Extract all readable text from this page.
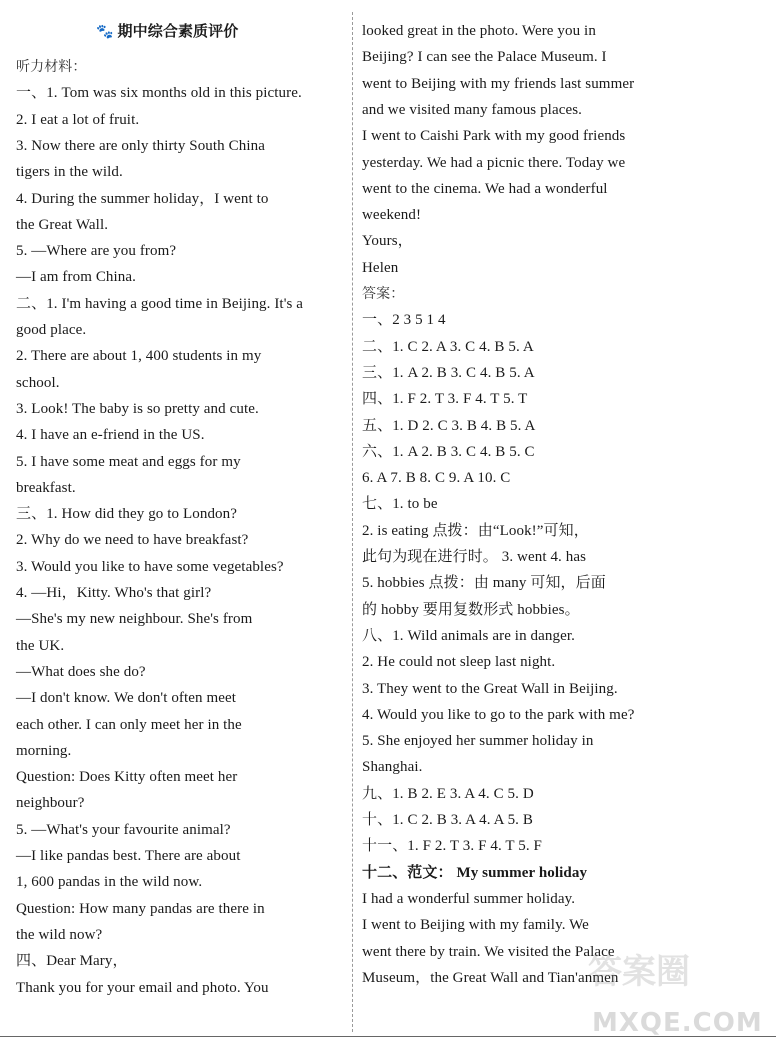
🐾 期中综合素质评价
听力材料：
一、1. Tom was six months old in this picture.
2. I eat a lot of fruit.
3. Now there are only thirty South China
tigers in the wild.
4. During the summer holiday，I went to
the Great Wall.
5. —Where are you from?
—I am from China.
二、1. I'm having a good time in Beijing. It's a
good place.
2. There are about 1, 400 students in my
school.
3. Look! The baby is so pretty and cute.
4. I have an e-friend in the US.
5. I have some meat and eggs for my
breakfast.
三、1. How did they go to London?
2. Why do we need to have breakfast?
3. Would you like to have some vegetables?
4. —Hi，Kitty. Who's that girl?
—She's my new neighbour. She's from
the UK.
—What does she do?
—I don't know. We don't often meet
each other. I can only meet her in the
morning.
Question: Does Kitty often meet her
neighbour?
5. —What's your favourite animal?
—I like pandas best. There are about
1, 600 pandas in the wild now.
Question: How many pandas are there in
the wild now?
四、Dear Mary，
Thank you for your email and photo. You
looked great in the photo. Were you in
Beijing? I can see the Palace Museum. I
went to Beijing with my friends last summer
and we visited many famous places.
I went to Caishi Park with my good friends
yesterday. We had a picnic there. Today we
went to the cinema. We had a wonderful
weekend!
Yours，
Helen
答案：
一、2 3 5 1 4
二、1. C 2. A 3. C 4. B 5. A
三、1. A 2. B 3. C 4. B 5. A
四、1. F 2. T 3. F 4. T 5. T
五、1. D 2. C 3. B 4. B 5. A
六、1. A 2. B 3. C 4. B 5. C
6. A 7. B 8. C 9. A 10. C
七、1. to be
2. is eating 点拨：由“Look!”可知，
此句为现在进行时。 3. went 4. has
5. hobbies 点拨：由 many 可知，后面
的 hobby 要用复数形式 hobbies。
八、1. Wild animals are in danger.
2. He could not sleep last night.
3. They went to the Great Wall in Beijing.
4. Would you like to go to the park with me?
5. She enjoyed her summer holiday in
Shanghai.
九、1. B 2. E 3. A 4. C 5. D
十、1. C 2. B 3. A 4. A 5. B
十一、1. F 2. T 3. F 4. T 5. F
十二、范文： My summer holiday
I had a wonderful summer holiday.
I went to Beijing with my family. We
went there by train. We visited the Palace
Museum，the Great Wall and Tian'anmen
答案圈
MXQE.COM
